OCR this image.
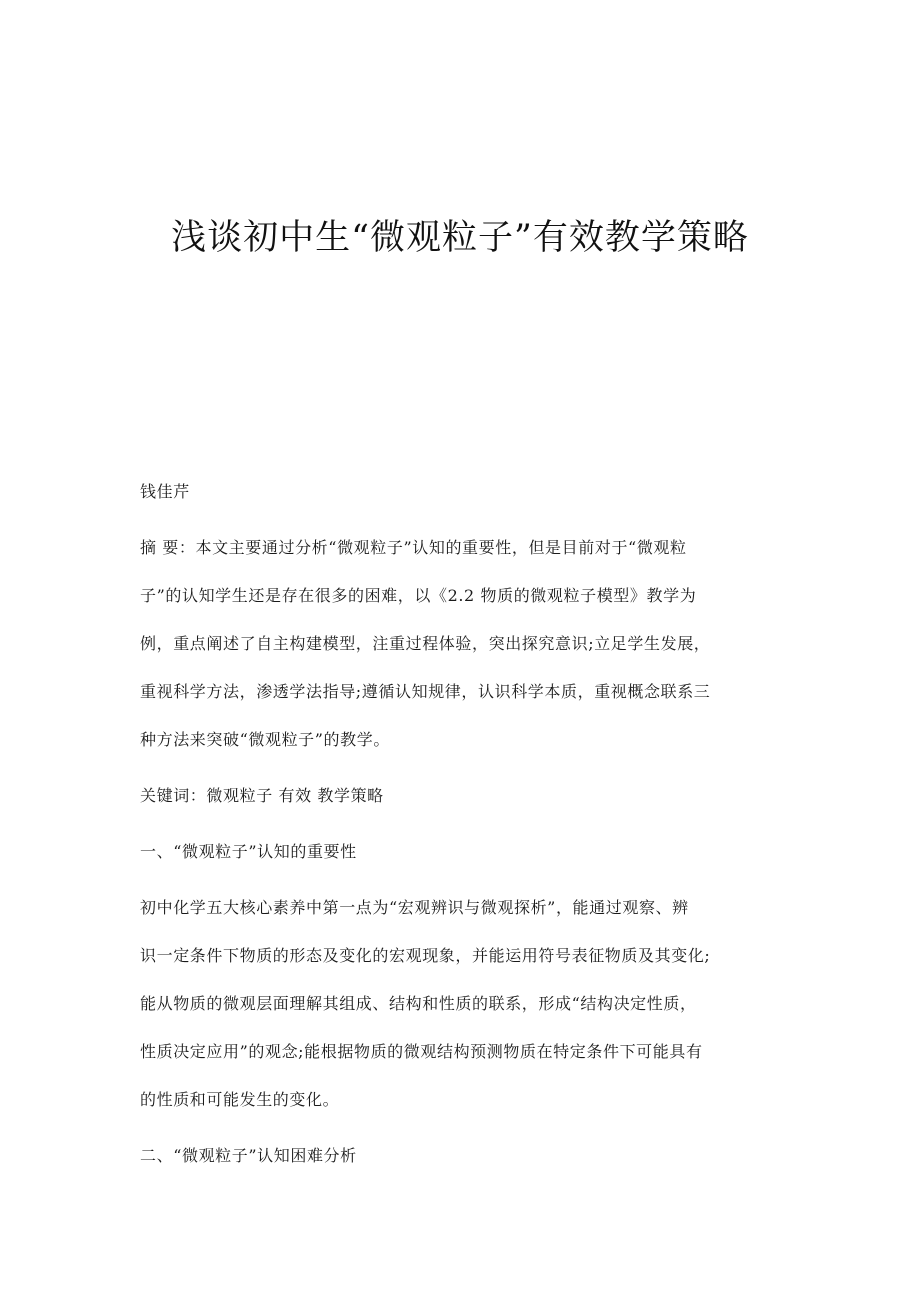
浅谈初中生“微观粒子”有效教学策略
钱佳芹
摘 要：本文主要通过分析“微观粒子”认知的重要性，但是目前对于“微观粒
子”的认知学生还是存在很多的困难，以《2.2 物质的微观粒子模型》教学为
例，重点阐述了自主构建模型，注重过程体验，突出探究意识;立足学生发展，
重视科学方法，渗透学法指导;遵循认知规律，认识科学本质，重视概念联系三
种方法来突破“微观粒子”的教学。
关键词：微观粒子 有效 教学策略
一、“微观粒子”认知的重要性
初中化学五大核心素养中第一点为“宏观辨识与微观探析”，能通过观察、辨
识一定条件下物质的形态及变化的宏观现象，并能运用符号表征物质及其变化;
能从物质的微观层面理解其组成、结构和性质的联系，形成“结构决定性质，
性质决定应用”的观念;能根据物质的微观结构预测物质在特定条件下可能具有
的性质和可能发生的变化。
二、“微观粒子”认知困难分析
